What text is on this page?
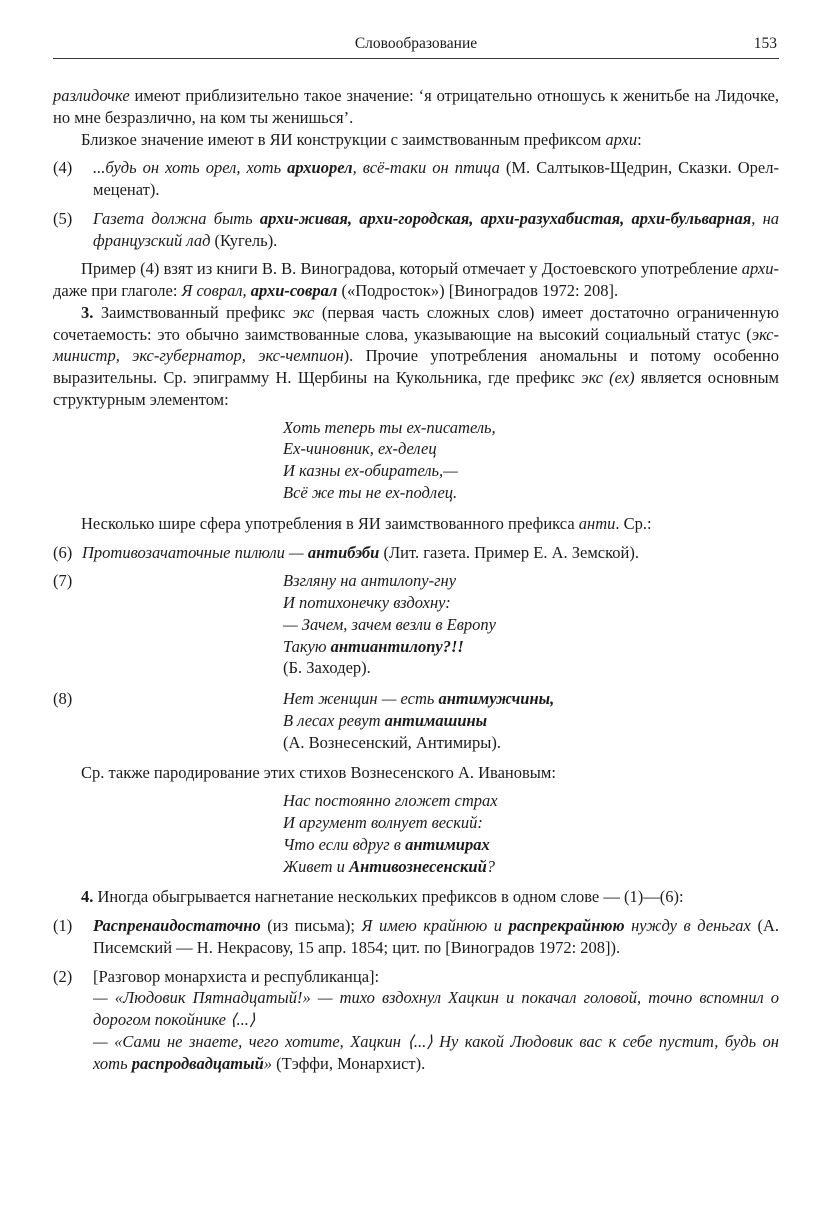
Словообразование	153

разлидочке имеют приблизительно такое значение: ‘я отрицательно отношусь к женитьбе на Лидочке, но мне безразлично, на ком ты женишься’.

Близкое значение имеют в ЯИ конструкции с заимствованным префиксом архи:

(4)	...будь он хоть орел, хоть архиорел, всё-таки он птица (М. Салтыков-Щедрин, Сказки. Орел-меценат).

(5)	Газета должна быть архи-живая, архи-городская, архи-разухабистая, архи-бульварная, на французский лад (Кугель).

Пример (4) взят из книги В. В. Виноградова, который отмечает у Достоевского употребление архи- даже при глаголе: Я соврал, архи-соврал («Подросток») [Виноградов 1972: 208].

3. Заимствованный префикс экс (первая часть сложных слов) имеет достаточно ограниченную сочетаемость: это обычно заимствованные слова, указывающие на высокий социальный статус (экс-министр, экс-губернатор, экс-чемпион). Прочие употребления аномальны и потому особенно выразительны. Ср. эпиграмму Н. Щербины на Кукольника, где префикс экс (ех) является основным структурным элементом:

Хоть теперь ты ех-писатель,
Ех-чиновник, ех-делец
И казны ех-обиратель,—
Всё же ты не ех-подлец.

Несколько шире сфера употребления в ЯИ заимствованного префикса анти. Ср.:

(6) Противозачаточные пилюли — антибэби (Лит. газета. Пример Е. А. Земской).

(7)	Взгляну на антилопу-гну
И потихонечку вздохну:
— Зачем, зачем везли в Европу
Такую антиантилопу?!!
(Б. Заходер).
(8)	Нет женщин — есть антимужчины,
В лесах ревут антимашины
(А. Вознесенский, Антимиры).

Ср. также пародирование этих стихов Вознесенского А. Ивановым:

Нас постоянно гложет страх
И аргумент волнует веский:
Что если вдруг в антимирах
Живет и Антивознесенский?

4. Иногда обыгрывается нагнетание нескольких префиксов в одном слове — (1)—(6):

(1)	Распренаидостаточно (из письма); Я имею крайнюю и распрекрайнюю нужду в деньгах (А. Писемский — Н. Некрасову, 15 апр. 1854; цит. по [Виноградов 1972: 208]).

(2)	[Разговор монархиста и республиканца]:

— «Людовик Пятнадцатый!» — тихо вздохнул Хацкин и покачал головой, точно вспомнил о дорогом покойнике ⟨...⟩

— «Сами не знаете, чего хотите, Хацкин ⟨...⟩ Ну какой Людовик вас к себе пустит, будь он хоть распродвадцатый» (Тэффи, Монархист).
